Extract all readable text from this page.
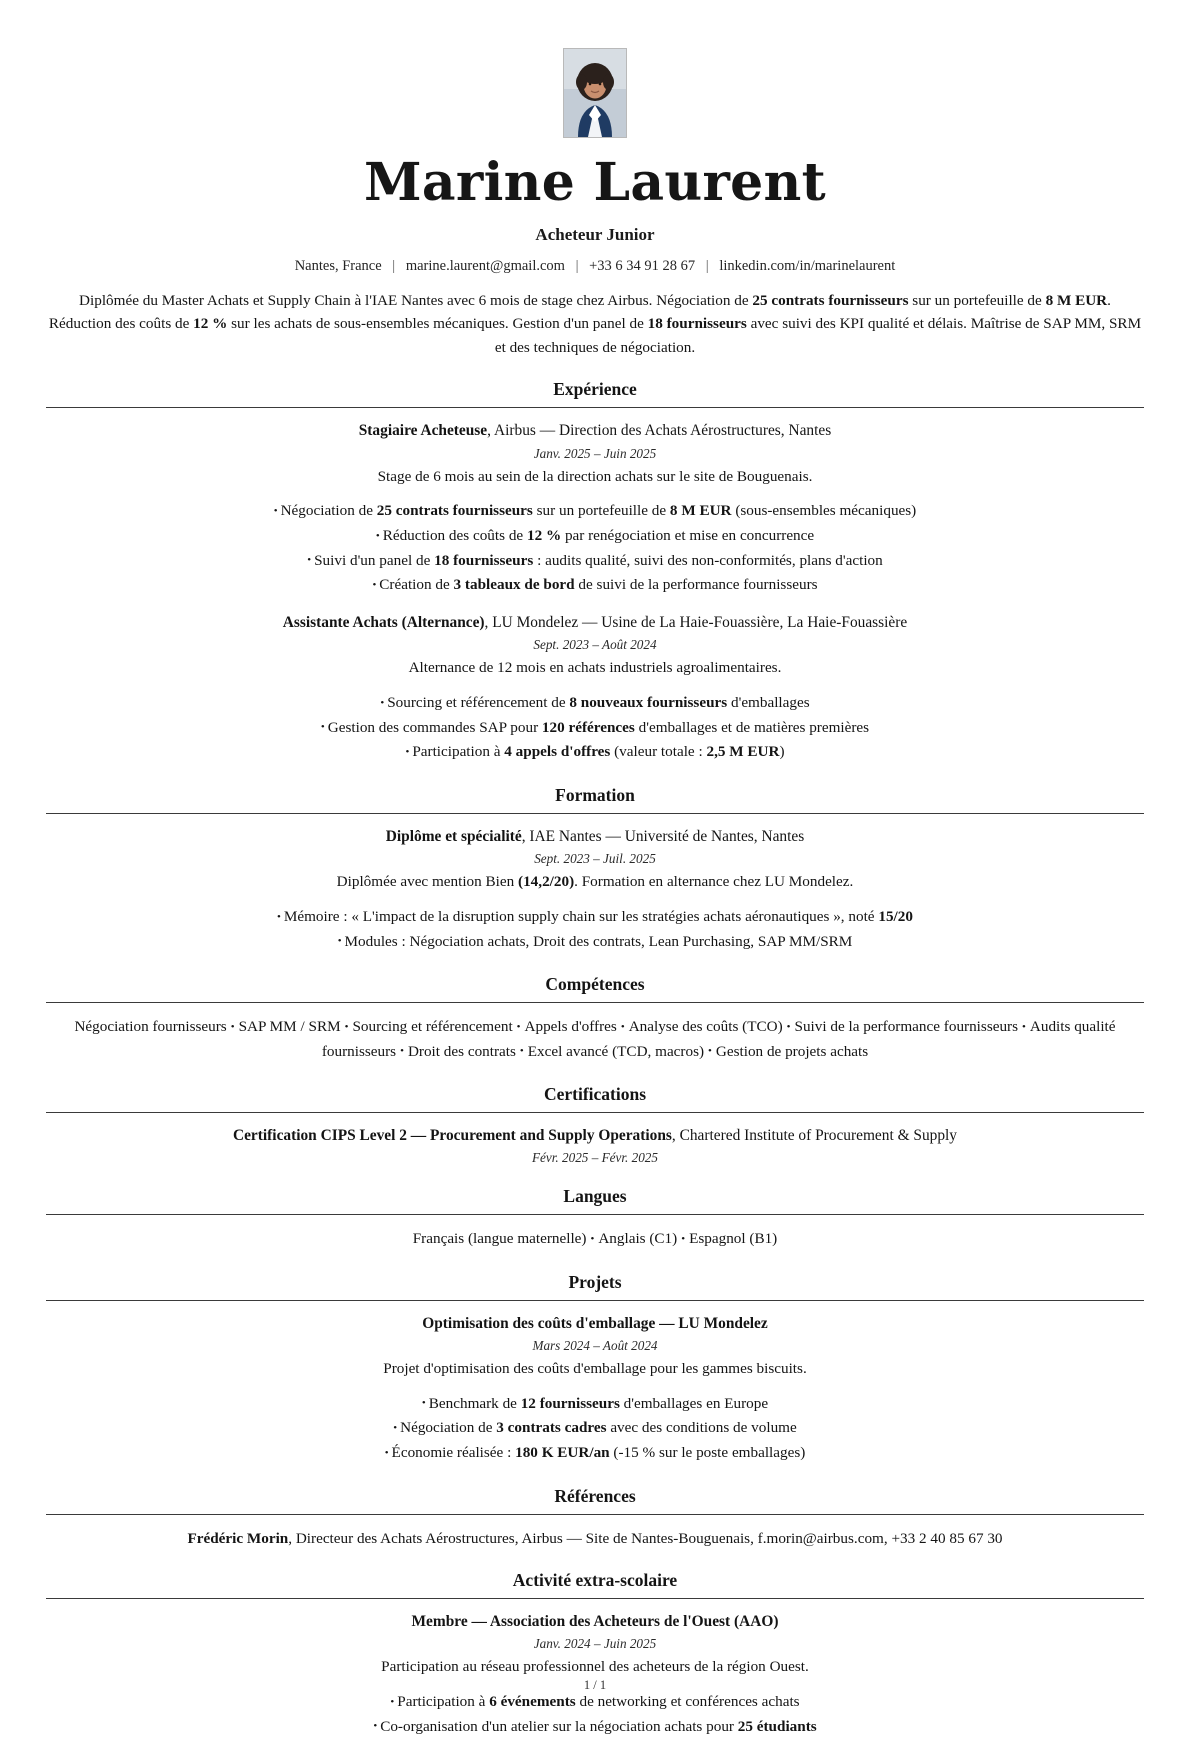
Marine Laurent
Acheteur Junior
Nantes, France | marine.laurent@gmail.com | +33 6 34 91 28 67 | linkedin.com/in/marinelaurent
Diplômée du Master Achats et Supply Chain à l'IAE Nantes avec 6 mois de stage chez Airbus. Négociation de 25 contrats fournisseurs sur un portefeuille de 8 M EUR. Réduction des coûts de 12 % sur les achats de sous-ensembles mécaniques. Gestion d'un panel de 18 fournisseurs avec suivi des KPI qualité et délais. Maîtrise de SAP MM, SRM et des techniques de négociation.
Expérience
Stagiaire Acheteuse, Airbus — Direction des Achats Aérostructures, Nantes
Janv. 2025 – Juin 2025
Stage de 6 mois au sein de la direction achats sur le site de Bouguenais.
• Négociation de 25 contrats fournisseurs sur un portefeuille de 8 M EUR (sous-ensembles mécaniques)
• Réduction des coûts de 12 % par renégociation et mise en concurrence
• Suivi d'un panel de 18 fournisseurs : audits qualité, suivi des non-conformités, plans d'action
• Création de 3 tableaux de bord de suivi de la performance fournisseurs
Assistante Achats (Alternance), LU Mondelez — Usine de La Haie-Fouassière, La Haie-Fouassière
Sept. 2023 – Août 2024
Alternance de 12 mois en achats industriels agroalimentaires.
• Sourcing et référencement de 8 nouveaux fournisseurs d'emballages
• Gestion des commandes SAP pour 120 références d'emballages et de matières premières
• Participation à 4 appels d'offres (valeur totale : 2,5 M EUR)
Formation
Diplôme et spécialité, IAE Nantes — Université de Nantes, Nantes
Sept. 2023 – Juil. 2025
Diplômée avec mention Bien (14,2/20). Formation en alternance chez LU Mondelez.
• Mémoire : « L'impact de la disruption supply chain sur les stratégies achats aéronautiques », noté 15/20
• Modules : Négociation achats, Droit des contrats, Lean Purchasing, SAP MM/SRM
Compétences
Négociation fournisseurs • SAP MM / SRM • Sourcing et référencement • Appels d'offres • Analyse des coûts (TCO) • Suivi de la performance fournisseurs • Audits qualité fournisseurs • Droit des contrats • Excel avancé (TCD, macros) • Gestion de projets achats
Certifications
Certification CIPS Level 2 — Procurement and Supply Operations, Chartered Institute of Procurement & Supply
Févr. 2025 – Févr. 2025
Langues
Français (langue maternelle) • Anglais (C1) • Espagnol (B1)
Projets
Optimisation des coûts d'emballage — LU Mondelez
Mars 2024 – Août 2024
Projet d'optimisation des coûts d'emballage pour les gammes biscuits.
• Benchmark de 12 fournisseurs d'emballages en Europe
• Négociation de 3 contrats cadres avec des conditions de volume
• Économie réalisée : 180 K EUR/an (-15 % sur le poste emballages)
Références
Frédéric Morin, Directeur des Achats Aérostructures, Airbus — Site de Nantes-Bouguenais, f.morin@airbus.com, +33 2 40 85 67 30
Activité extra-scolaire
Membre — Association des Acheteurs de l'Ouest (AAO)
Janv. 2024 – Juin 2025
Participation au réseau professionnel des acheteurs de la région Ouest.
• Participation à 6 événements de networking et conférences achats
• Co-organisation d'un atelier sur la négociation achats pour 25 étudiants
1 / 1
